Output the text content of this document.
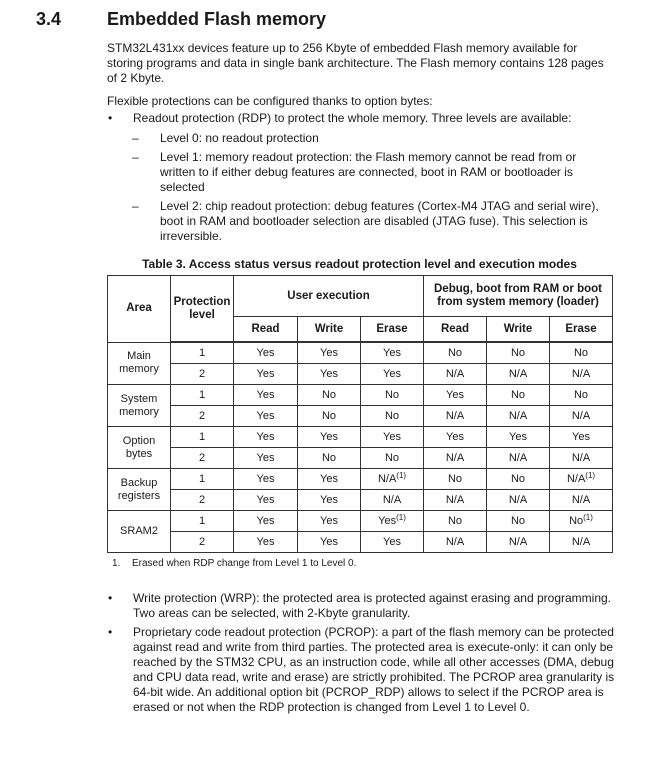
3.4	Embedded Flash memory
STM32L431xx devices feature up to 256 Kbyte of embedded Flash memory available for storing programs and data in single bank architecture. The Flash memory contains 128 pages of 2 Kbyte.
Flexible protections can be configured thanks to option bytes:
• Readout protection (RDP) to protect the whole memory. Three levels are available:
– Level 0: no readout protection
– Level 1: memory readout protection: the Flash memory cannot be read from or written to if either debug features are connected, boot in RAM or bootloader is selected
– Level 2: chip readout protection: debug features (Cortex-M4 JTAG and serial wire), boot in RAM and bootloader selection are disabled (JTAG fuse). This selection is irreversible.
Table 3. Access status versus readout protection level and execution modes
Area	Protection level	User execution			Debug, boot from RAM or boot from system memory (loader)		
		Read	Write	Erase	Read	Write	Erase
Main memory	1	Yes	Yes	Yes	No	No	No
	2	Yes	Yes	Yes	N/A	N/A	N/A
System memory	1	Yes	No	No	Yes	No	No
	2	Yes	No	No	N/A	N/A	N/A
Option bytes	1	Yes	Yes	Yes	Yes	Yes	Yes
	2	Yes	No	No	N/A	N/A	N/A
Backup registers	1	Yes	Yes	$N/A^{(1)}$	No	No	$N/A^{(1)}$
	2	Yes	Yes	N/A	N/A	N/A	N/A
SRAM2	1	Yes	Yes	Yes$^{(1)}$	No	No	No$^{(1)}$
	2	Yes	Yes	Yes	N/A	N/A	N/A
1. Erased when RDP change from Level 1 to Level 0.
• Write protection (WRP): the protected area is protected against erasing and programming. Two areas can be selected, with 2-Kbyte granularity.
• Proprietary code readout protection (PCROP): a part of the flash memory can be protected against read and write from third parties. The protected area is execute-only: it can only be reached by the STM32 CPU, as an instruction code, while all other accesses (DMA, debug and CPU data read, write and erase) are strictly prohibited. The PCROP area granularity is 64-bit wide. An additional option bit (PCROP_RDP) allows to select if the PCROP area is erased or not when the RDP protection is changed from Level 1 to Level 0.
